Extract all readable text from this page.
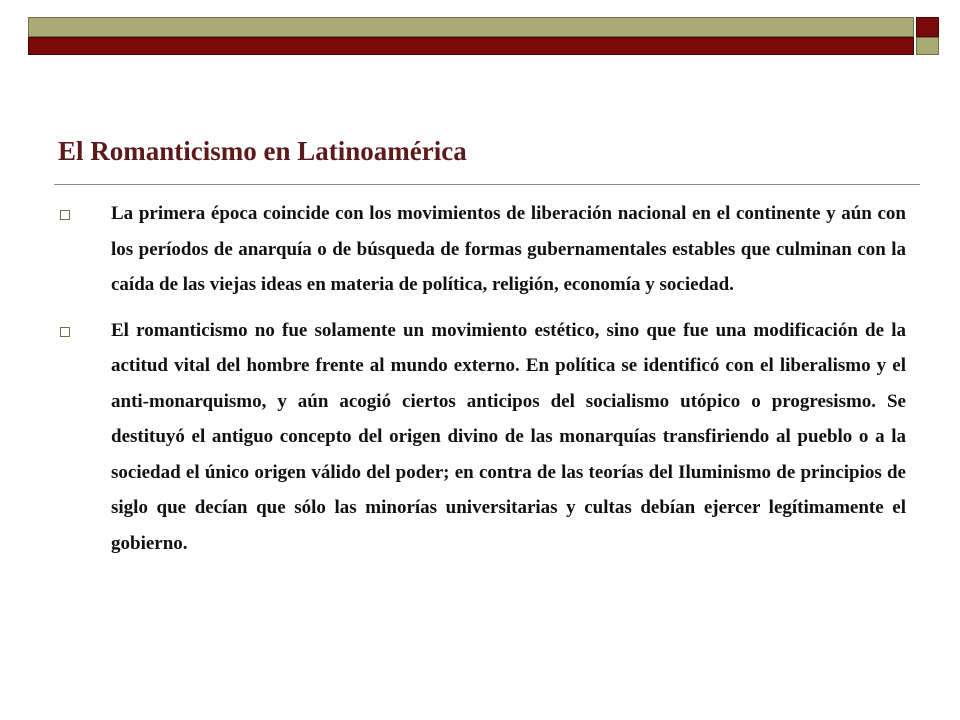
El Romanticismo en Latinoamérica
La primera época coincide con los movimientos de liberación nacional en el continente y aún con los períodos de anarquía o de búsqueda de formas gubernamentales estables que culminan con la caída de las viejas ideas en materia de política, religión, economía y sociedad.
El romanticismo no fue solamente un movimiento estético, sino que fue una modificación de la actitud vital del hombre frente al mundo externo. En política se identificó con el liberalismo y el anti-monarquismo, y aún acogió ciertos anticipos del socialismo utópico o progresismo. Se destituyó el antiguo concepto del origen divino de las monarquías transfiriendo al pueblo o a la sociedad el único origen válido del poder; en contra de las teorías del Iluminismo de principios de siglo que decían que sólo las minorías universitarias y cultas debían ejercer legítimamente el gobierno.
